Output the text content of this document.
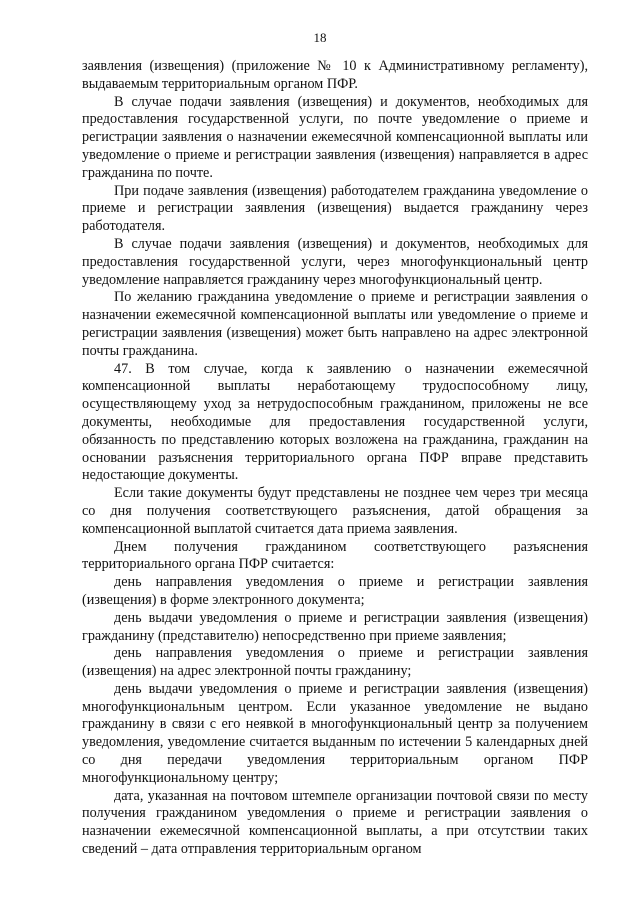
18

заявления (извещения) (приложение № 10 к Административному регламенту), выдаваемым территориальным органом ПФР.

В случае подачи заявления (извещения) и документов, необходимых для предоставления государственной услуги, по почте уведомление о приеме и регистрации заявления о назначении ежемесячной компенсационной выплаты или уведомление о приеме и регистрации заявления (извещения) направляется в адрес гражданина по почте.

При подаче заявления (извещения) работодателем гражданина уведомление о приеме и регистрации заявления (извещения) выдается гражданину через работодателя.

В случае подачи заявления (извещения) и документов, необходимых для предоставления государственной услуги, через многофункциональный центр уведомление направляется гражданину через многофункциональный центр.

По желанию гражданина уведомление о приеме и регистрации заявления о назначении ежемесячной компенсационной выплаты или уведомление о приеме и регистрации заявления (извещения) может быть направлено на адрес электронной почты гражданина.

47. В том случае, когда к заявлению о назначении ежемесячной компенсационной выплаты неработающему трудоспособному лицу, осуществляющему уход за нетрудоспособным гражданином, приложены не все документы, необходимые для предоставления государственной услуги, обязанность по представлению которых возложена на гражданина, гражданин на основании разъяснения территориального органа ПФР вправе представить недостающие документы.

Если такие документы будут представлены не позднее чем через три месяца со дня получения соответствующего разъяснения, датой обращения за компенсационной выплатой считается дата приема заявления.

Днем получения гражданином соответствующего разъяснения территориального органа ПФР считается:

день направления уведомления о приеме и регистрации заявления (извещения) в форме электронного документа;

день выдачи уведомления о приеме и регистрации заявления (извещения) гражданину (представителю) непосредственно при приеме заявления;

день направления уведомления о приеме и регистрации заявления (извещения) на адрес электронной почты гражданину;

день выдачи уведомления о приеме и регистрации заявления (извещения) многофункциональным центром. Если указанное уведомление не выдано гражданину в связи с его неявкой в многофункциональный центр за получением уведомления, уведомление считается выданным по истечении 5 календарных дней со дня передачи уведомления территориальным органом ПФР многофункциональному центру;

дата, указанная на почтовом штемпеле организации почтовой связи по месту получения гражданином уведомления о приеме и регистрации заявления о назначении ежемесячной компенсационной выплаты, а при отсутствии таких сведений – дата отправления территориальным органом
